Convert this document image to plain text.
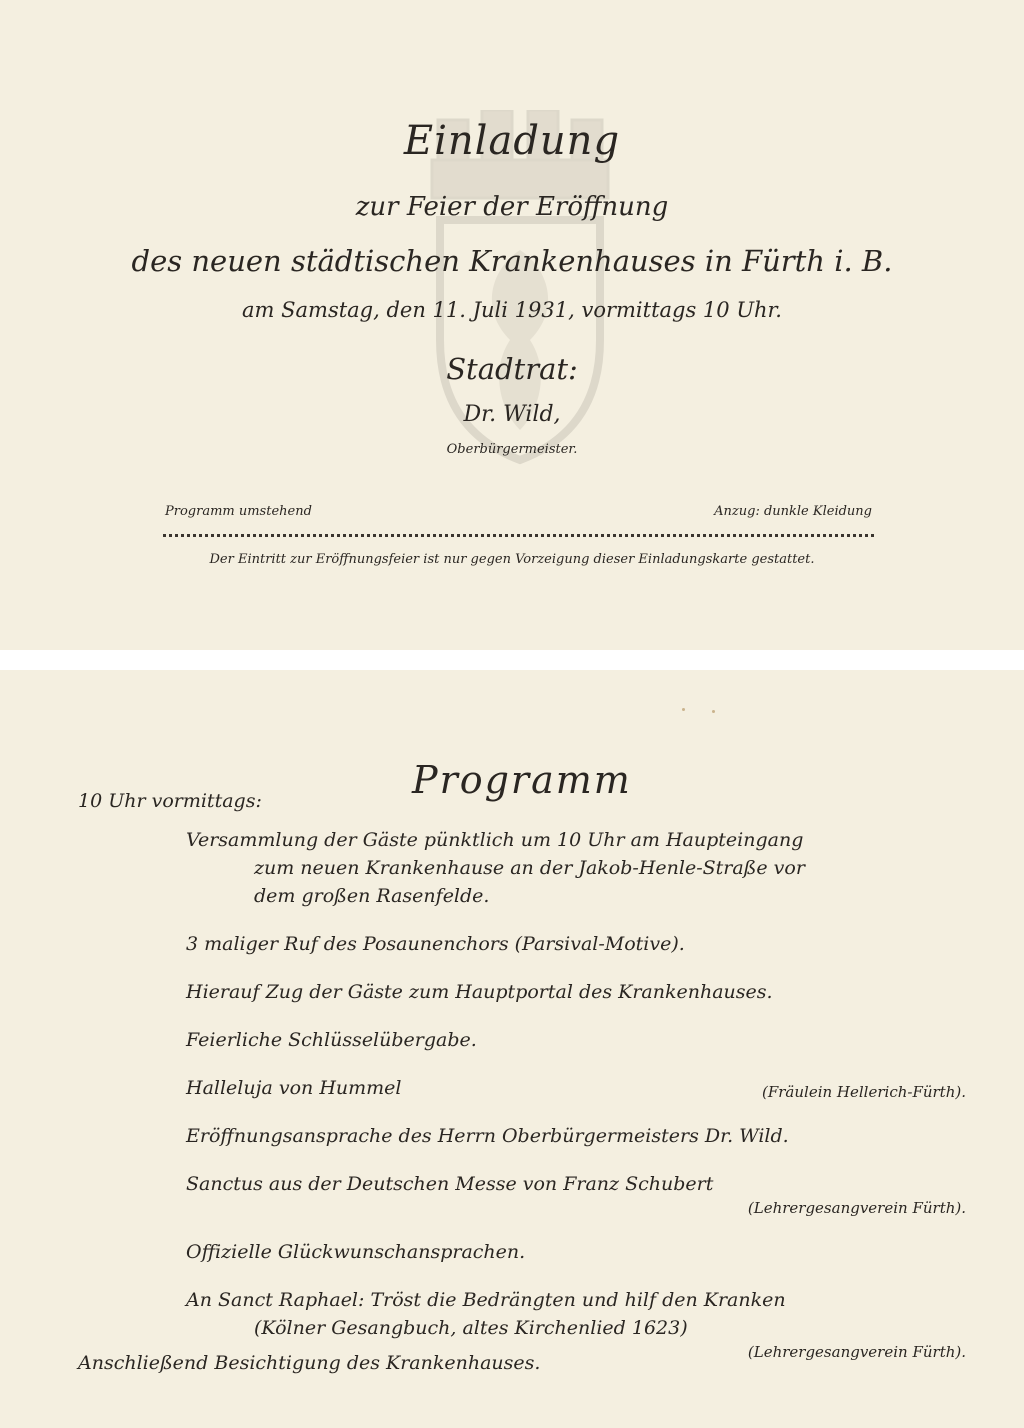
Einladung
zur Feier der Eröffnung
des neuen städtischen Krankenhauses in Fürth i. B.
am Samstag, den 11. Juli 1931, vormittags 10 Uhr.
Stadtrat:
Dr. Wild,
Oberbürgermeister.
Programm umstehend	Anzug: dunkle Kleidung
Der Eintritt zur Eröffnungsfeier ist nur gegen Vorzeigung dieser Einladungskarte gestattet.
Programm
10 Uhr vormittags:
Versammlung der Gäste pünktlich um 10 Uhr am Haupteingang
zum neuen Krankenhause an der Jakob-Henle-Straße vor
dem großen Rasenfelde.
3 maliger Ruf des Posaunenchors (Parsival-Motive).
Hierauf Zug der Gäste zum Hauptportal des Krankenhauses.
Feierliche Schlüsselübergabe.
Halleluja von Hummel	(Fräulein Hellerich-Fürth).
Eröffnungsansprache des Herrn Oberbürgermeisters Dr. Wild.
Sanctus aus der Deutschen Messe von Franz Schubert
(Lehrergesangverein Fürth).
Offizielle Glückwunschansprachen.
An Sanct Raphael: Tröst die Bedrängten und hilf den Kranken
(Kölner Gesangbuch, altes Kirchenlied 1623)
(Lehrergesangverein Fürth).
Anschließend Besichtigung des Krankenhauses.
